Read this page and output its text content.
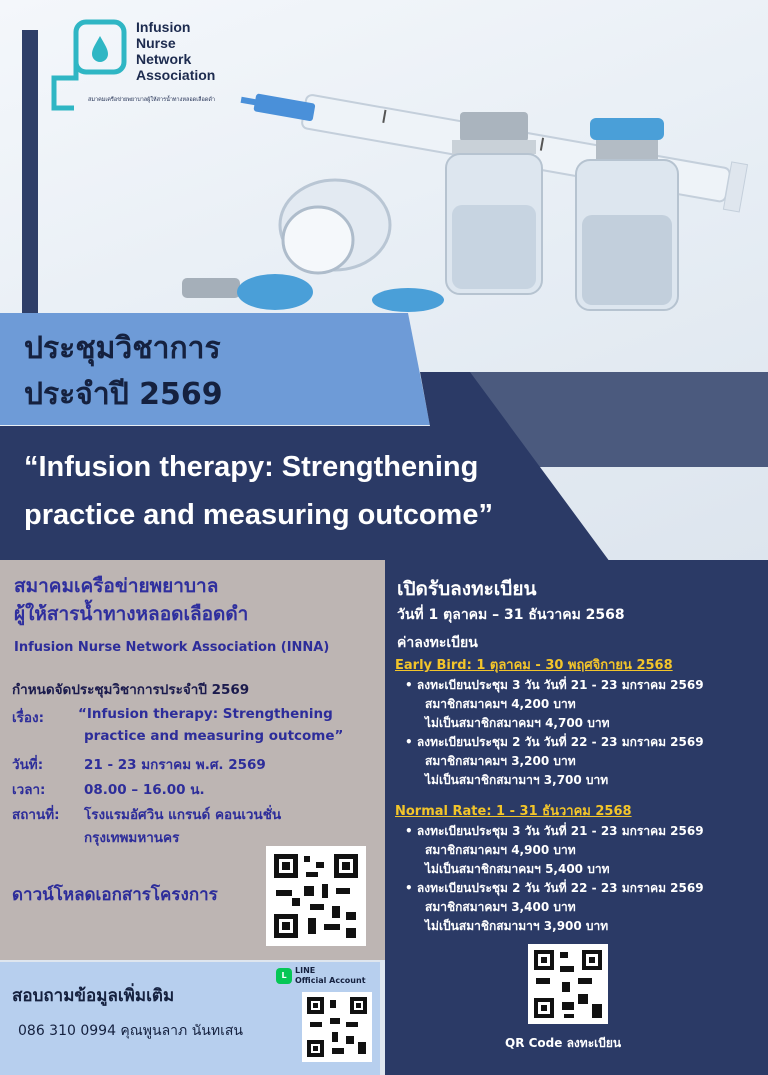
Infusion
Nurse
Network
Association
สมาคมเครือข่ายพยาบาลผู้ให้สารน้ำทางหลอดเลือดดำ
ประชุมวิชาการ
ประจำปี 2569
“Infusion therapy: Strengthening
practice and measuring outcome”
สมาคมเครือข่ายพยาบาล
ผู้ให้สารน้ำทางหลอดเลือดดำ
Infusion Nurse Network Association (INNA)
กำหนดจัดประชุมวิชาการประจำปี 2569
เรื่อง:	“Infusion therapy: Strengthening
practice and measuring outcome”
วันที่:	21 - 23 มกราคม พ.ศ. 2569
เวลา:	08.00 – 16.00 น.
สถานที่: โรงแรมอัศวิน แกรนด์ คอนเวนชั่น
กรุงเทพมหานคร
ดาวน์โหลดเอกสารโครงการ
สอบถามข้อมูลเพิ่มเติม
086 310 0994 คุณพูนลาภ นันทเสน
L
LINE
Official Account
เปิดรับลงทะเบียน
วันที่ 1 ตุลาคม – 31 ธันวาคม 2568
ค่าลงทะเบียน
Early Bird: 1 ตุลาคม - 30 พฤศจิกายน 2568
• ลงทะเบียนประชุม 3 วัน วันที่ 21 - 23 มกราคม 2569
สมาชิกสมาคมฯ 4,200 บาท
ไม่เป็นสมาชิกสมาคมฯ 4,700 บาท
• ลงทะเบียนประชุม 2 วัน วันที่ 22 - 23 มกราคม 2569
สมาชิกสมาคมฯ 3,200 บาท
ไม่เป็นสมาชิกสมามาฯ 3,700 บาท
Normal Rate: 1 - 31 ธันวาคม 2568
• ลงทะเบียนประชุม 3 วัน วันที่ 21 - 23 มกราคม 2569
สมาชิกสมาคมฯ 4,900 บาท
ไม่เป็นสมาชิกสมาคมฯ 5,400 บาท
• ลงทะเบียนประชุม 2 วัน วันที่ 22 - 23 มกราคม 2569
สมาชิกสมาคมฯ 3,400 บาท
ไม่เป็นสมาชิกสมามาฯ 3,900 บาท
QR Code ลงทะเบียน
